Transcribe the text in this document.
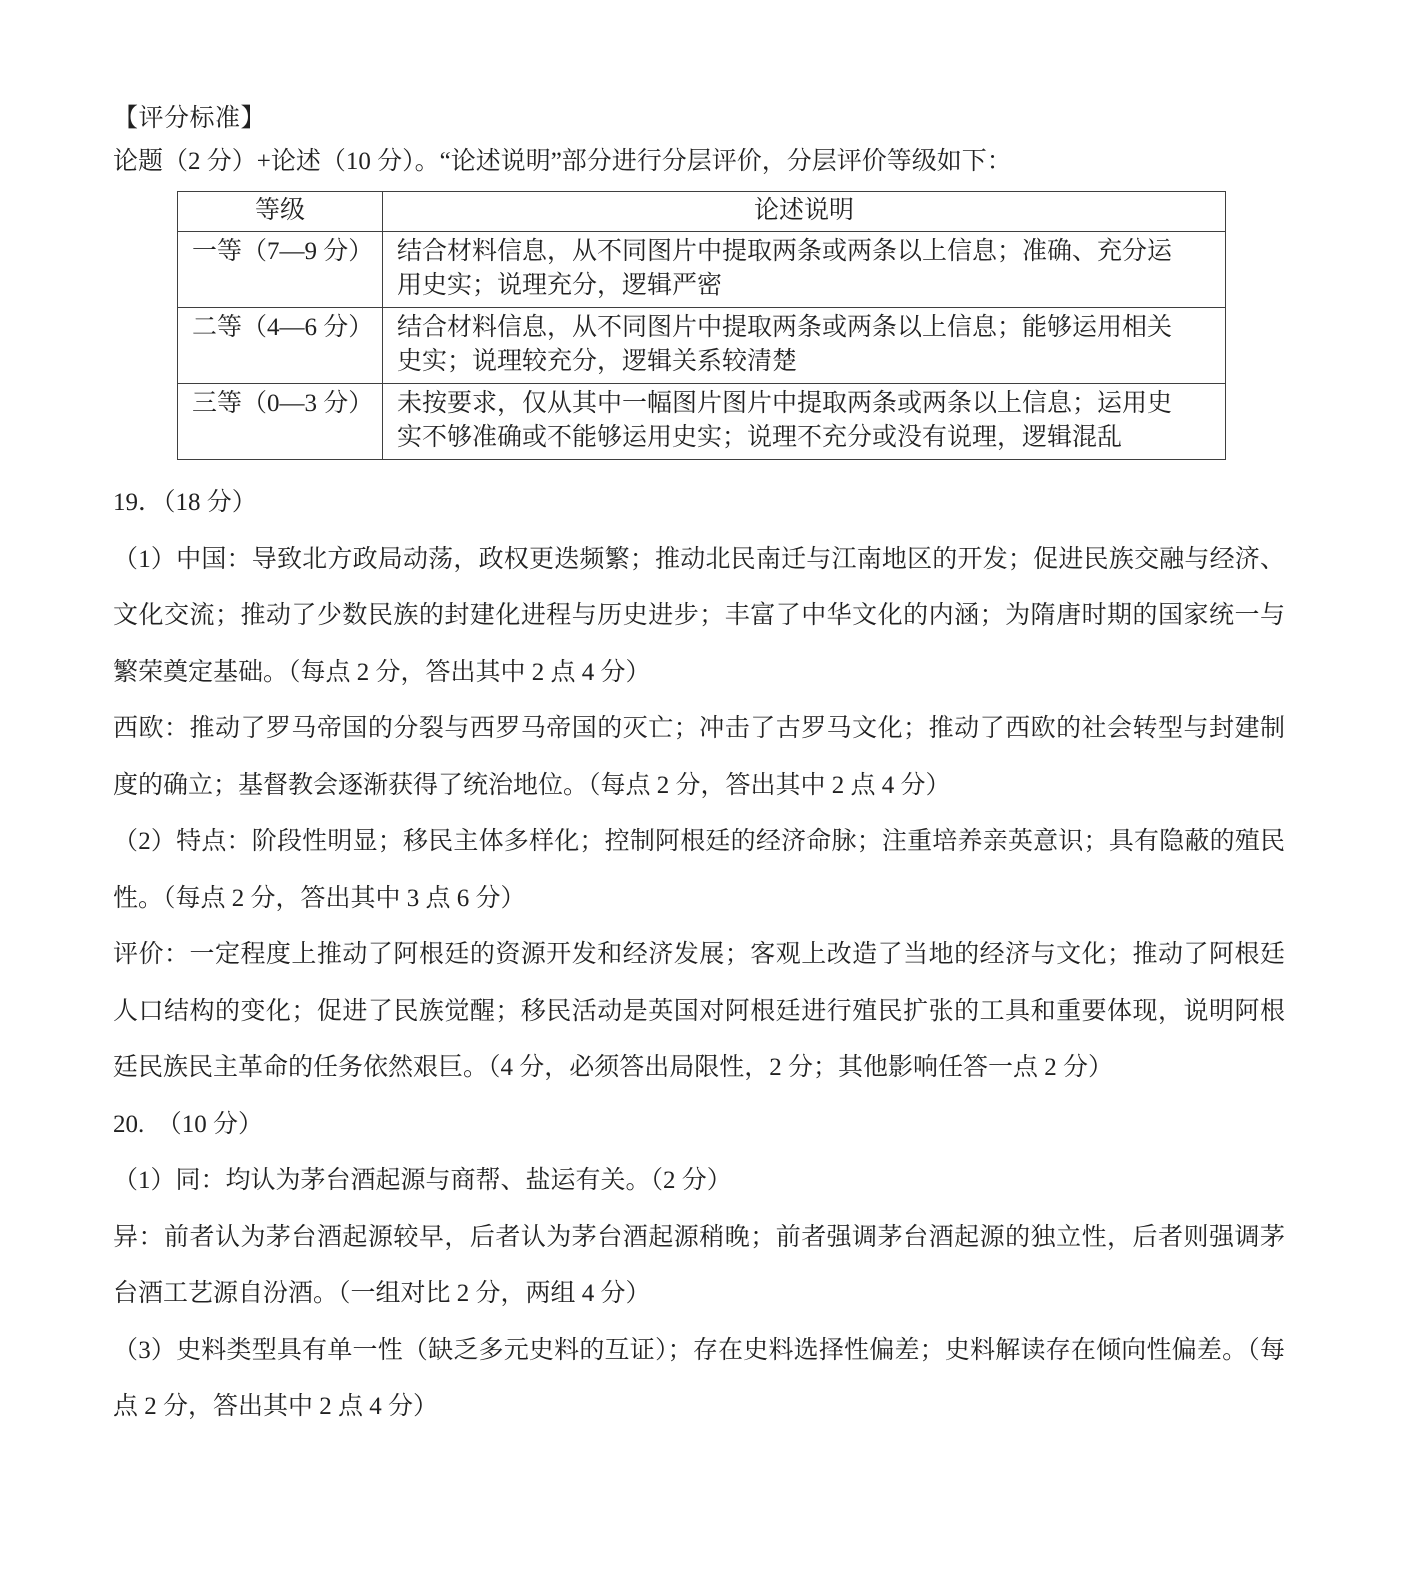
【评分标准】
论题（2 分）+论述（10 分）。“论述说明”部分进行分层评价，分层评价等级如下：
等级	论述说明
一等（7—9 分）	结合材料信息，从不同图片中提取两条或两条以上信息；准确、充分运用史实；说理充分，逻辑严密
二等（4—6 分）	结合材料信息，从不同图片中提取两条或两条以上信息；能够运用相关史实；说理较充分，逻辑关系较清楚
三等（0—3 分）	未按要求，仅从其中一幅图片图片中提取两条或两条以上信息；运用史实不够准确或不能够运用史实；说理不充分或没有说理，逻辑混乱

19．（18 分）

（1）中国：导致北方政局动荡，政权更迭频繁；推动北民南迁与江南地区的开发；促进民族交融与经济、文化交流；推动了少数民族的封建化进程与历史进步；丰富了中华文化的内涵；为隋唐时期的国家统一与繁荣奠定基础。（每点 2 分，答出其中 2 点 4 分）

西欧：推动了罗马帝国的分裂与西罗马帝国的灭亡；冲击了古罗马文化；推动了西欧的社会转型与封建制度的确立；基督教会逐渐获得了统治地位。（每点 2 分，答出其中 2 点 4 分）

（2）特点：阶段性明显；移民主体多样化；控制阿根廷的经济命脉；注重培养亲英意识；具有隐蔽的殖民性。（每点 2 分，答出其中 3 点 6 分）

评价：一定程度上推动了阿根廷的资源开发和经济发展；客观上改造了当地的经济与文化；推动了阿根廷人口结构的变化；促进了民族觉醒；移民活动是英国对阿根廷进行殖民扩张的工具和重要体现，说明阿根廷民族民主革命的任务依然艰巨。（4 分，必须答出局限性，2 分；其他影响任答一点 2 分）

20.　（10 分）

（1）同：均认为茅台酒起源与商帮、盐运有关。（2 分）

异：前者认为茅台酒起源较早，后者认为茅台酒起源稍晚；前者强调茅台酒起源的独立性，后者则强调茅台酒工艺源自汾酒。（一组对比 2 分，两组 4 分）

（3）史料类型具有单一性（缺乏多元史料的互证）；存在史料选择性偏差；史料解读存在倾向性偏差。（每点 2 分，答出其中 2 点 4 分）
